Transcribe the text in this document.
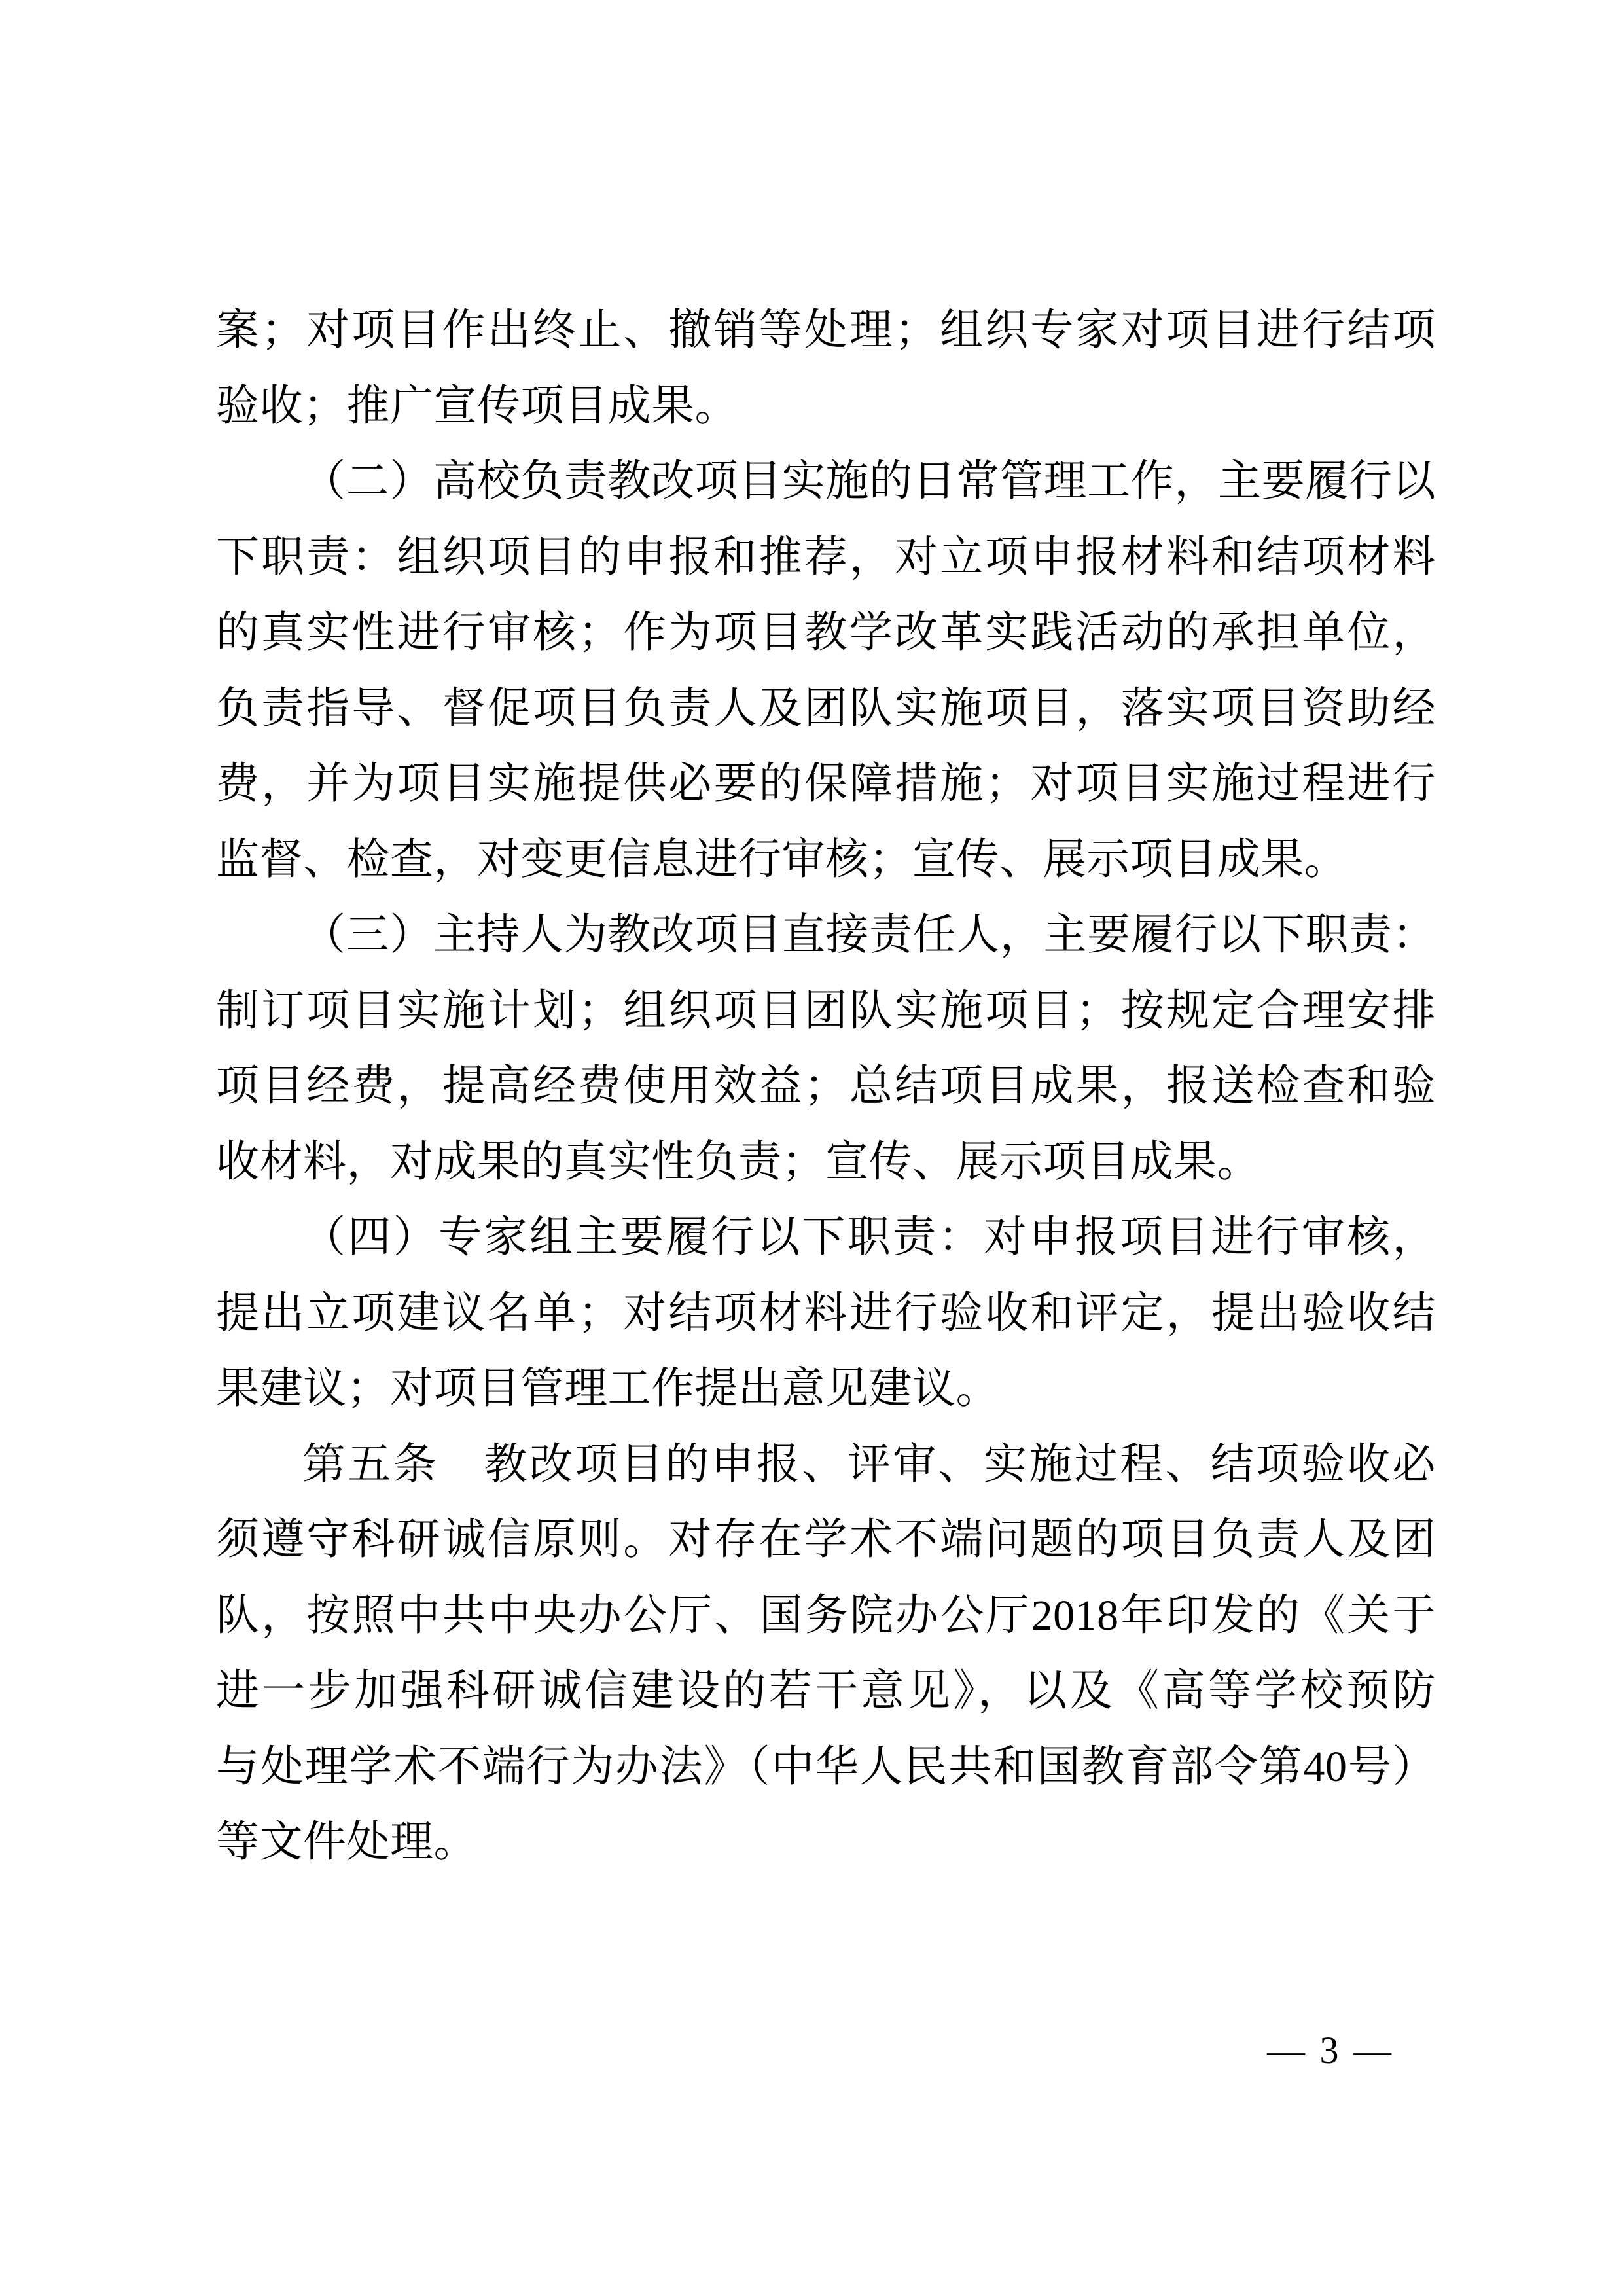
案；对项目作出终止、撤销等处理；组织专家对项目进行结项
验收；推广宣传项目成果。
（二）高校负责教改项目实施的日常管理工作，主要履行以
下职责：组织项目的申报和推荐，对立项申报材料和结项材料
的真实性进行审核；作为项目教学改革实践活动的承担单位，
负责指导、督促项目负责人及团队实施项目，落实项目资助经
费，并为项目实施提供必要的保障措施；对项目实施过程进行
监督、检查，对变更信息进行审核；宣传、展示项目成果。
（三）主持人为教改项目直接责任人，主要履行以下职责：
制订项目实施计划；组织项目团队实施项目；按规定合理安排
项目经费，提高经费使用效益；总结项目成果，报送检查和验
收材料，对成果的真实性负责；宣传、展示项目成果。
（四）专家组主要履行以下职责：对申报项目进行审核，
提出立项建议名单；对结项材料进行验收和评定，提出验收结
果建议；对项目管理工作提出意见建议。
第五条　教改项目的申报、评审、实施过程、结项验收必
须遵守科研诚信原则。对存在学术不端问题的项目负责人及团
队，按照中共中央办公厅、国务院办公厅2018年印发的《关于
进一步加强科研诚信建设的若干意见》，以及《高等学校预防
与处理学术不端行为办法》（中华人民共和国教育部令第40号）
等文件处理。
— 3 —
